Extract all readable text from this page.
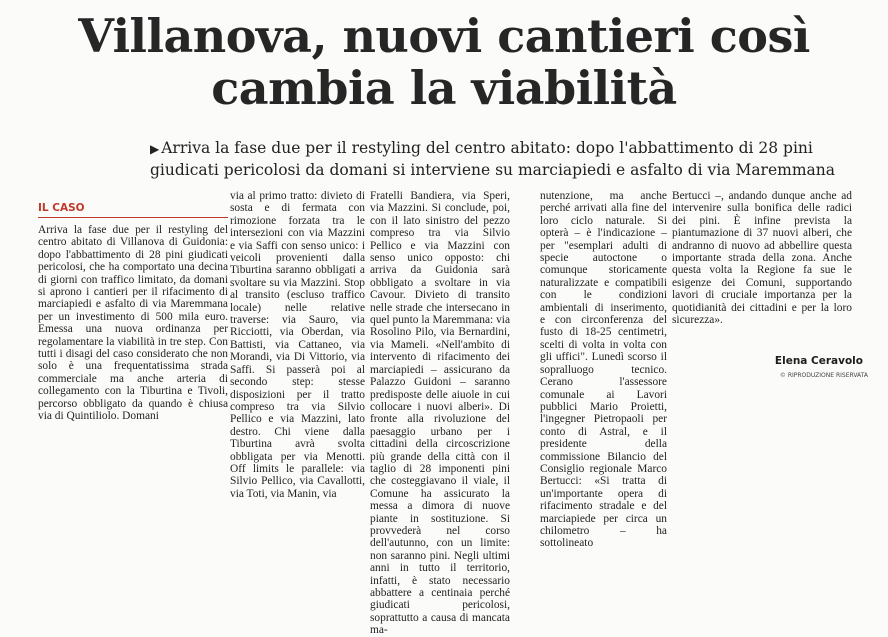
Villanova, nuovi cantieri così cambia la viabilità
▶ Arriva la fase due per il restyling del centro abitato: dopo l'abbattimento di 28 pini giudicati pericolosi da domani si interviene su marciapiedi e asfalto di via Maremmana
IL CASO

Arriva la fase due per il restyling del centro abitato di Villanova di Guidonia: dopo l'abbattimento di 28 pini giudicati pericolosi, che ha comportato una decina di giorni con traffico limitato, da domani si aprono i cantieri per il rifacimento di marciapiedi e asfalto di via Maremmana per un investimento di 500 mila euro. Emessa una nuova ordinanza per regolamentare la viabilità in tre step. Con tutti i disagi del caso considerato che non solo è una frequentatissima strada commerciale ma anche arteria di collegamento con la Tiburtina e Tivoli, percorso obbligato da quando è chiusa via di Quintiliolo. Domani

via al primo tratto: divieto di sosta e di fermata con rimozione forzata tra le intersezioni con via Mazzini e via Saffi con senso unico: i veicoli provenienti dalla Tiburtina saranno obbligati a svoltare su via Mazzini. Stop al transito (escluso traffico locale) nelle relative traverse: via Sauro, via Ricciotti, via Oberdan, via Battisti, via Cattaneo, via Morandi, via Di Vittorio, via Saffi. Si passerà poi al secondo step: stesse disposizioni per il tratto compreso tra via Silvio Pellico e via Mazzini, lato destro. Chi viene dalla Tiburtina avrà svolta obbligata per via Menotti. Off limits le parallele: via Silvio Pellico, via Cavallotti, via Toti, via Manin, via

Fratelli Bandiera, via Speri, via Mazzini. Si conclude, poi, con il lato sinistro del pezzo compreso tra via Silvio Pellico e via Mazzini con senso unico opposto: chi arriva da Guidonia sarà obbligato a svoltare in via Cavour. Divieto di transito nelle strade che intersecano in quel punto la Maremmana: via Rosolino Pilo, via Bernardini, via Mameli. «Nell'ambito di intervento di rifacimento dei marciapiedi – assicurano da Palazzo Guidoni – saranno predisposte delle aiuole in cui collocare i nuovi alberi». Di fronte alla rivoluzione del paesaggio urbano per i cittadini della circoscrizione più grande della città con il taglio di 28 imponenti pini che costeggiavano il viale, il Comune ha assicurato la messa a dimora di nuove piante in sostituzione. Si provvederà nel corso dell'autunno, con un limite: non saranno pini. Negli ultimi anni in tutto il territorio, infatti, è stato necessario abbattere a centinaia perché giudicati pericolosi, soprattutto a causa di mancata ma-

nutenzione, ma anche perché arrivati alla fine del loro ciclo naturale. Si opterà – è l'indicazione – per "esemplari adulti di specie autoctone o comunque storicamente naturalizzate e compatibili con le condizioni ambientali di inserimento, e con circonferenza del fusto di 18-25 centimetri, scelti di volta in volta con gli uffici". Lunedì scorso il sopralluogo tecnico. Cerano l'assessore comunale ai Lavori pubblici Mario Proietti, l'ingegner Pietropaoli per conto di Astral, e il presidente della commissione Bilancio del Consiglio regionale Marco Bertucci: «Si tratta di un'importante opera di rifacimento stradale e del marciapiede per circa un chilometro – ha sottolineato

Bertucci –, andando dunque anche ad intervenire sulla bonifica delle radici dei pini. È infine prevista la piantumazione di 37 nuovi alberi, che andranno di nuovo ad abbellire questa importante strada della zona. Anche questa volta la Regione fa sue le esigenze dei Comuni, supportando lavori di cruciale importanza per la quotidianità dei cittadini e per la loro sicurezza».

Elena Ceravolo
© RIPRODUZIONE RISERVATA
